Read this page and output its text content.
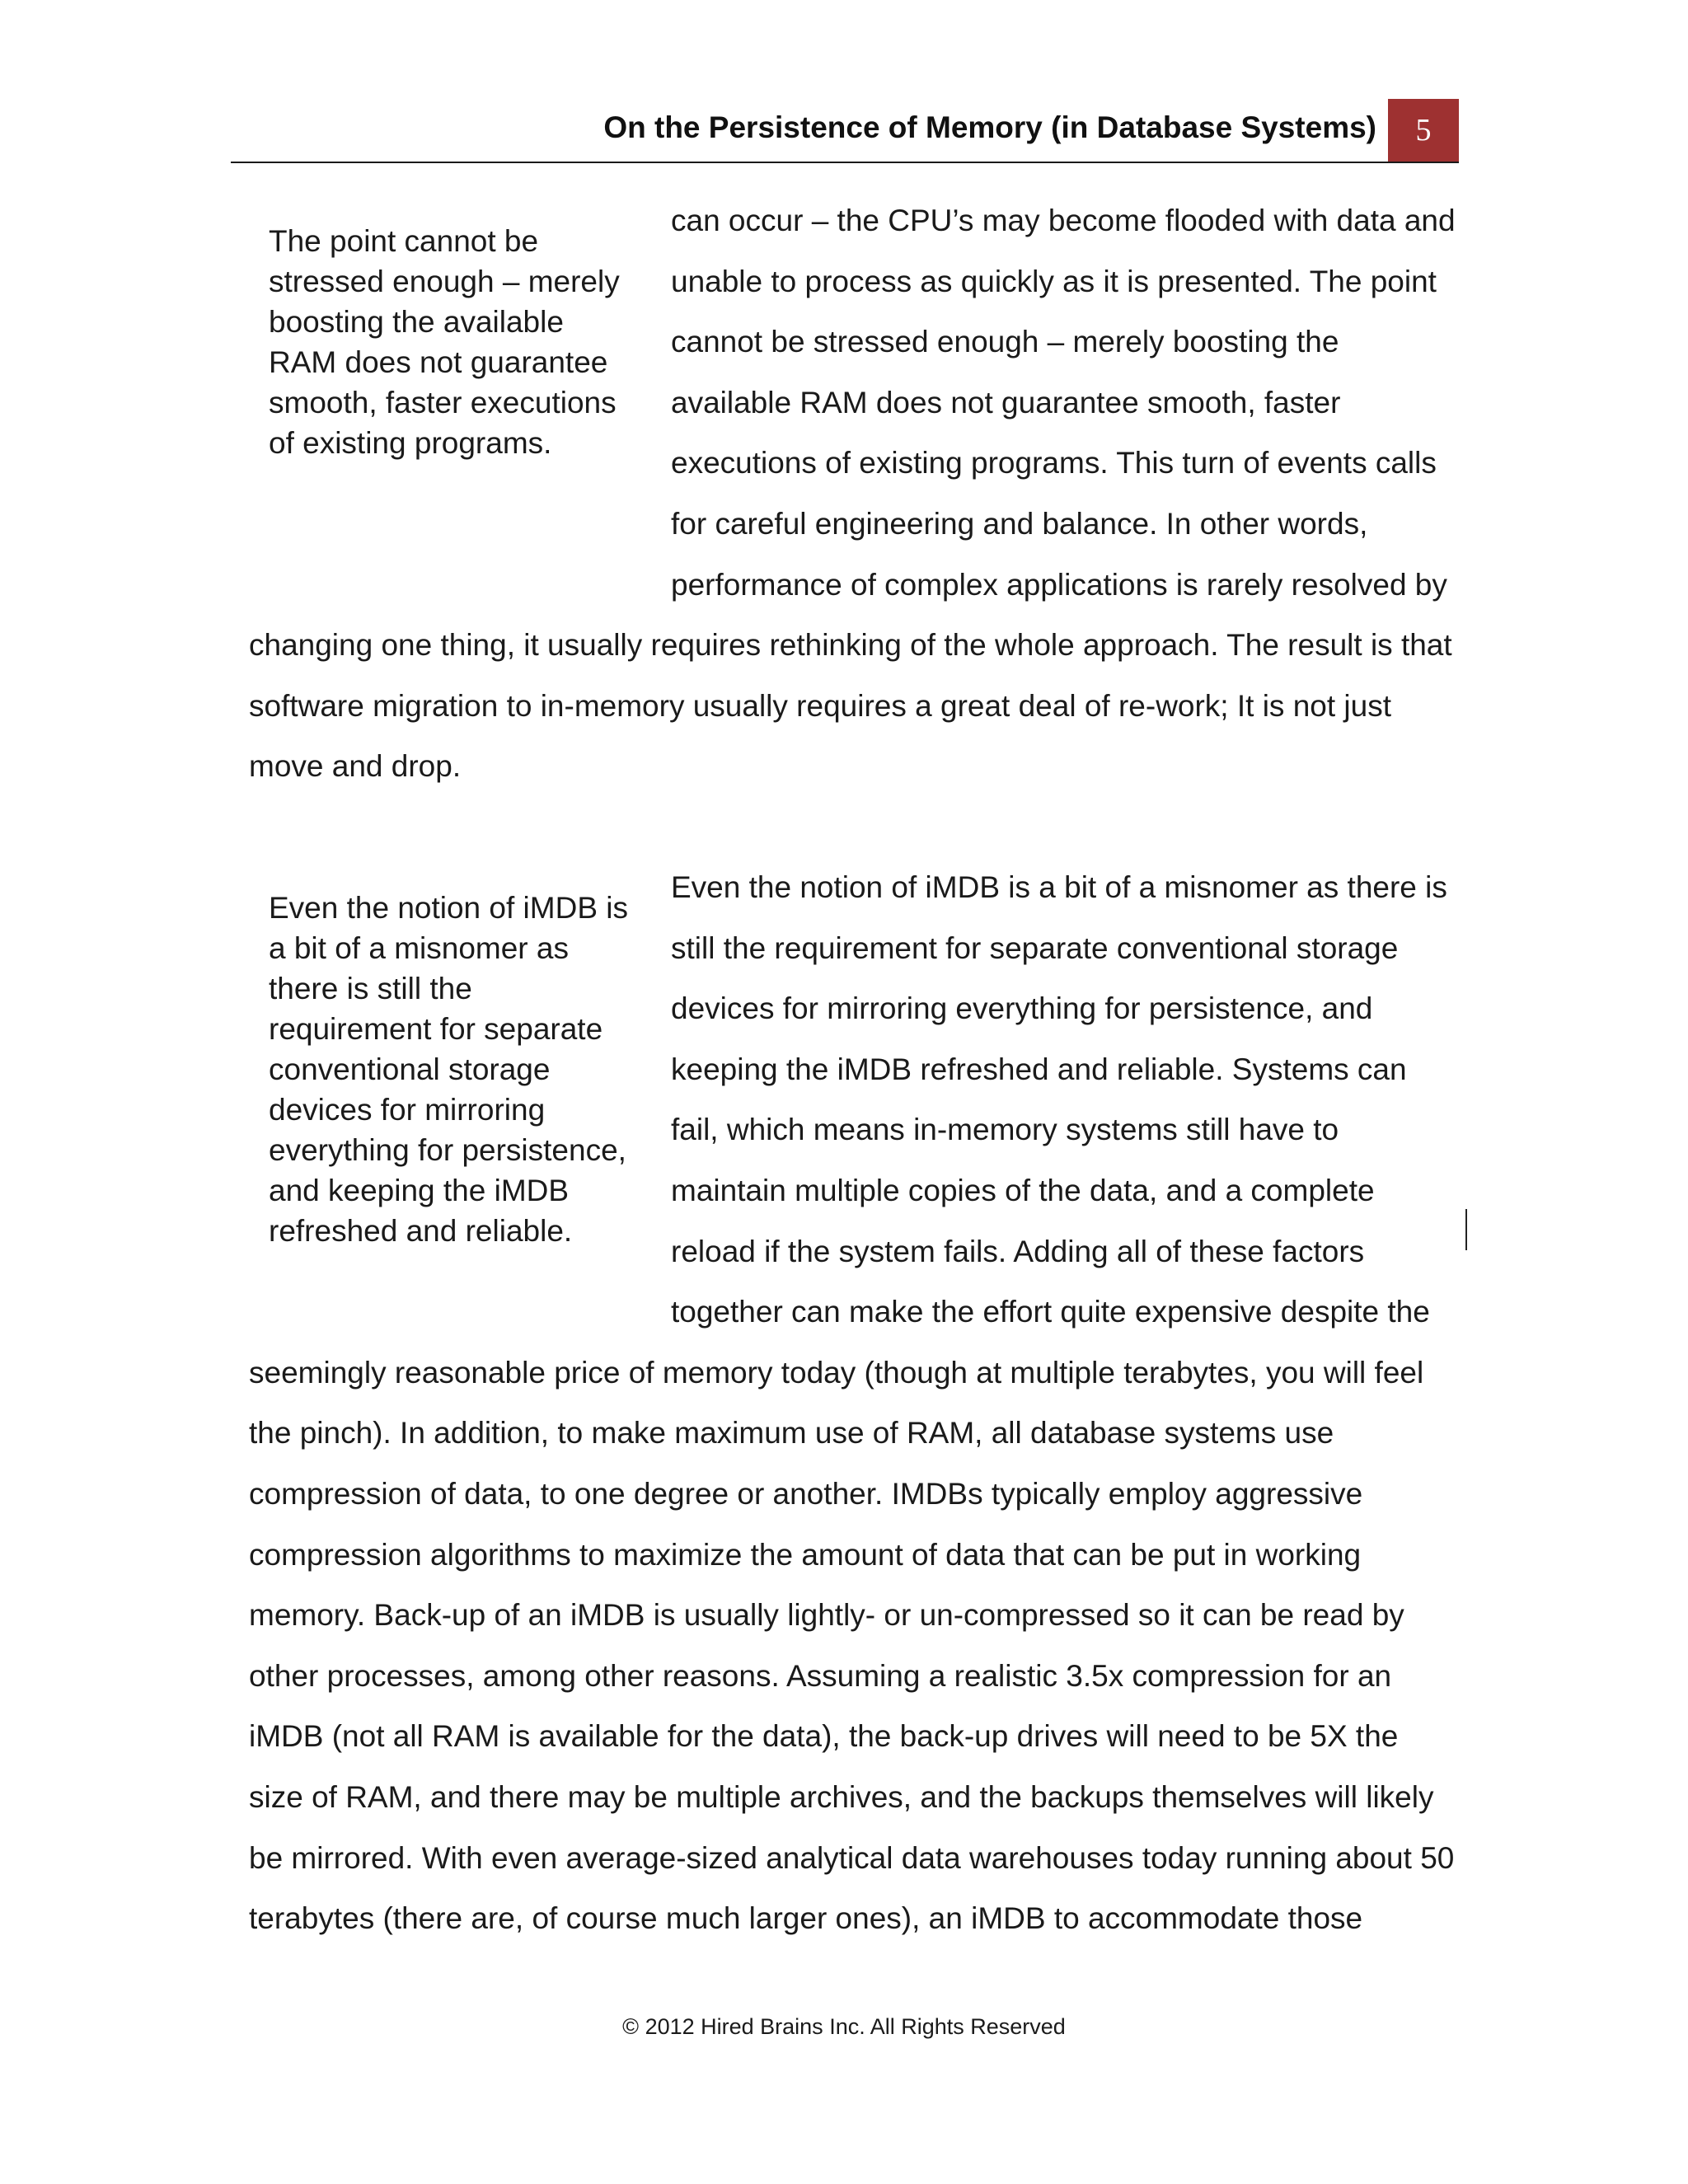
On the Persistence of Memory (in Database Systems)	5
The point cannot be stressed enough – merely boosting the available RAM does not guarantee smooth, faster executions of existing programs.

can occur – the CPU’s may become flooded with data and unable to process as quickly as it is presented. The point cannot be stressed enough – merely boosting the available RAM does not guarantee smooth, faster executions of existing programs. This turn of events calls for careful engineering and balance. In other words, performance of complex applications is rarely resolved by changing one thing, it usually requires rethinking of the whole approach. The result is that software migration to in-memory usually requires a great deal of re-work; It is not just move and drop.

Even the notion of iMDB is a bit of a misnomer as there is still the requirement for separate conventional storage devices for mirroring everything for persistence, and keeping the iMDB refreshed and reliable.

Even the notion of iMDB is a bit of a misnomer as there is still the requirement for separate conventional storage devices for mirroring everything for persistence, and keeping the iMDB refreshed and reliable. Systems can fail, which means in-memory systems still have to maintain multiple copies of the data, and a complete reload if the system fails. Adding all of these factors together can make the effort quite expensive despite the seemingly reasonable price of memory today (though at multiple terabytes, you will feel the pinch). In addition, to make maximum use of RAM, all database systems use compression of data, to one degree or another. IMDBs typically employ aggressive compression algorithms to maximize the amount of data that can be put in working memory. Back-up of an iMDB is usually lightly- or un-compressed so it can be read by other processes, among other reasons. Assuming a realistic 3.5x compression for an iMDB (not all RAM is available for the data), the back-up drives will need to be 5X the size of RAM, and there may be multiple archives, and the backups themselves will likely be mirrored. With even average-sized analytical data warehouses today running about 50 terabytes (there are, of course much larger ones), an iMDB to accommodate those

© 2012 Hired Brains Inc. All Rights Reserved
